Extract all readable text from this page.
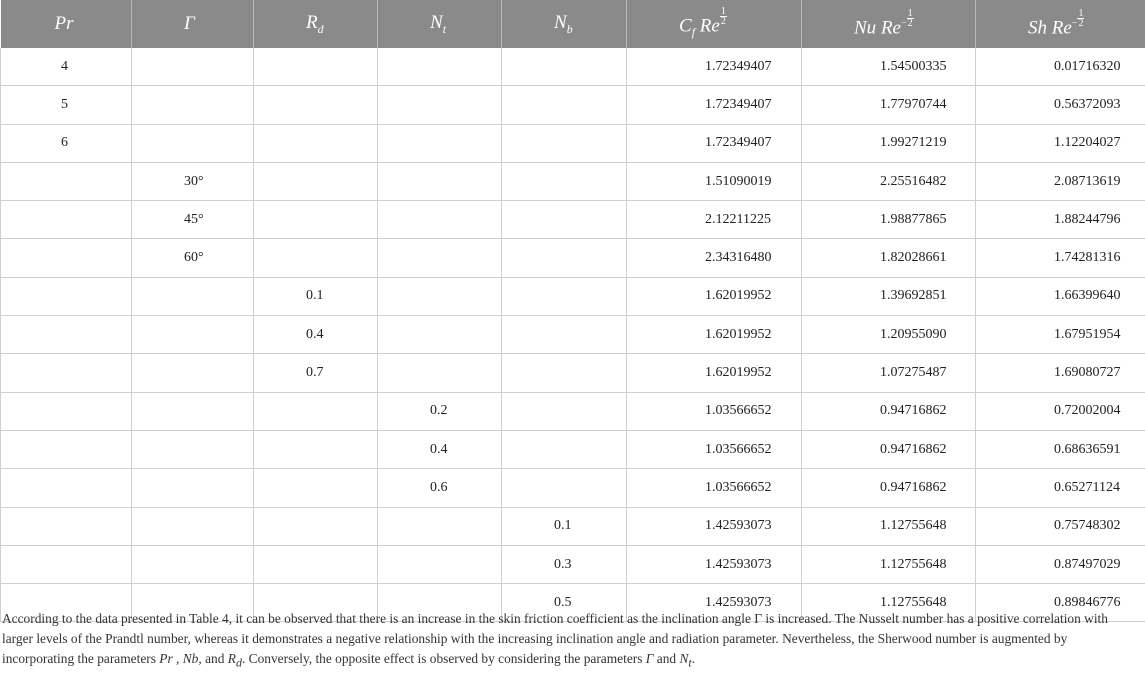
Pr	Γ	$R_d$	$N_t$	$N_b$	$C_f$ Re $\frac{1}{2}$	Nu $Re - \frac{1}{2}$	Sh $Re - \frac{1}{2}$

4					1.72349407	1.54500335	0.01716320
5					1.72349407	1.77970744	0.56372093
6					1.72349407	1.99271219	1.12204027
	30°				1.51090019	2.25516482	2.08713619
	45°				2.12211225	1.98877865	1.88244796
	60°				2.34316480	1.82028661	1.74281316
		0.1			1.62019952	1.39692851	1.66399640
		0.4			1.62019952	1.20955090	1.67951954
		0.7			1.62019952	1.07275487	1.69080727
			0.2		1.03566652	0.94716862	0.72002004
			0.4		1.03566652	0.94716862	0.68636591
			0.6		1.03566652	0.94716862	0.65271124
				0.1	1.42593073	1.12755648	0.75748302
				0.3	1.42593073	1.12755648	0.87497029
				0.5	1.42593073	1.12755648	0.89846776
According to the data presented in Table 4, it can be observed that there is an increase in the skin friction coefficient as the inclination angle Γ is increased. The Nusselt number has a positive correlation with larger levels of the Prandtl number, whereas it demonstrates a negative relationship with the increasing inclination angle and radiation parameter. Nevertheless, the Sherwood number is augmented by incorporating the parameters Pr , Nb, and $R_d$. Conversely, the opposite effect is observed by considering the parameters Γ and $N_t$.
